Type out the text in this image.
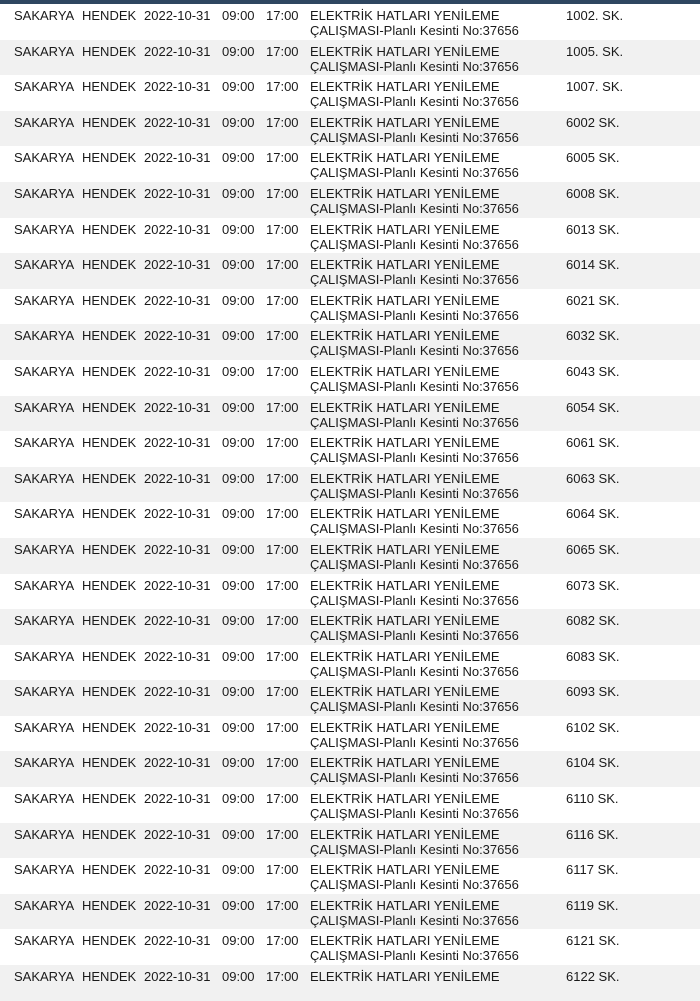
SAKARYA HENDEK 2022-10-31 09:00 17:00 ELEKTRİK HATLARI YENİLEME
ÇALIŞMASI-Planlı Kesinti No:37656
1002. SK.
SAKARYA HENDEK 2022-10-31 09:00 17:00 ELEKTRİK HATLARI YENİLEME
ÇALIŞMASI-Planlı Kesinti No:37656
1005. SK.
SAKARYA HENDEK 2022-10-31 09:00 17:00 ELEKTRİK HATLARI YENİLEME
ÇALIŞMASI-Planlı Kesinti No:37656
1007. SK.
SAKARYA HENDEK 2022-10-31 09:00 17:00 ELEKTRİK HATLARI YENİLEME
ÇALIŞMASI-Planlı Kesinti No:37656
6002 SK.
SAKARYA HENDEK 2022-10-31 09:00 17:00 ELEKTRİK HATLARI YENİLEME
ÇALIŞMASI-Planlı Kesinti No:37656
6005 SK.
SAKARYA HENDEK 2022-10-31 09:00 17:00 ELEKTRİK HATLARI YENİLEME
ÇALIŞMASI-Planlı Kesinti No:37656
6008 SK.
SAKARYA HENDEK 2022-10-31 09:00 17:00 ELEKTRİK HATLARI YENİLEME
ÇALIŞMASI-Planlı Kesinti No:37656
6013 SK.
SAKARYA HENDEK 2022-10-31 09:00 17:00 ELEKTRİK HATLARI YENİLEME
ÇALIŞMASI-Planlı Kesinti No:37656
6014 SK.
SAKARYA HENDEK 2022-10-31 09:00 17:00 ELEKTRİK HATLARI YENİLEME
ÇALIŞMASI-Planlı Kesinti No:37656
6021 SK.
SAKARYA HENDEK 2022-10-31 09:00 17:00 ELEKTRİK HATLARI YENİLEME
ÇALIŞMASI-Planlı Kesinti No:37656
6032 SK.
SAKARYA HENDEK 2022-10-31 09:00 17:00 ELEKTRİK HATLARI YENİLEME
ÇALIŞMASI-Planlı Kesinti No:37656
6043 SK.
SAKARYA HENDEK 2022-10-31 09:00 17:00 ELEKTRİK HATLARI YENİLEME
ÇALIŞMASI-Planlı Kesinti No:37656
6054 SK.
SAKARYA HENDEK 2022-10-31 09:00 17:00 ELEKTRİK HATLARI YENİLEME
ÇALIŞMASI-Planlı Kesinti No:37656
6061 SK.
SAKARYA HENDEK 2022-10-31 09:00 17:00 ELEKTRİK HATLARI YENİLEME
ÇALIŞMASI-Planlı Kesinti No:37656
6063 SK.
SAKARYA HENDEK 2022-10-31 09:00 17:00 ELEKTRİK HATLARI YENİLEME
ÇALIŞMASI-Planlı Kesinti No:37656
6064 SK.
SAKARYA HENDEK 2022-10-31 09:00 17:00 ELEKTRİK HATLARI YENİLEME
ÇALIŞMASI-Planlı Kesinti No:37656
6065 SK.
SAKARYA HENDEK 2022-10-31 09:00 17:00 ELEKTRİK HATLARI YENİLEME
ÇALIŞMASI-Planlı Kesinti No:37656
6073 SK.
SAKARYA HENDEK 2022-10-31 09:00 17:00 ELEKTRİK HATLARI YENİLEME
ÇALIŞMASI-Planlı Kesinti No:37656
6082 SK.
SAKARYA HENDEK 2022-10-31 09:00 17:00 ELEKTRİK HATLARI YENİLEME
ÇALIŞMASI-Planlı Kesinti No:37656
6083 SK.
SAKARYA HENDEK 2022-10-31 09:00 17:00 ELEKTRİK HATLARI YENİLEME
ÇALIŞMASI-Planlı Kesinti No:37656
6093 SK.
SAKARYA HENDEK 2022-10-31 09:00 17:00 ELEKTRİK HATLARI YENİLEME
ÇALIŞMASI-Planlı Kesinti No:37656
6102 SK.
SAKARYA HENDEK 2022-10-31 09:00 17:00 ELEKTRİK HATLARI YENİLEME
ÇALIŞMASI-Planlı Kesinti No:37656
6104 SK.
SAKARYA HENDEK 2022-10-31 09:00 17:00 ELEKTRİK HATLARI YENİLEME
ÇALIŞMASI-Planlı Kesinti No:37656
6110 SK.
SAKARYA HENDEK 2022-10-31 09:00 17:00 ELEKTRİK HATLARI YENİLEME
ÇALIŞMASI-Planlı Kesinti No:37656
6116 SK.
SAKARYA HENDEK 2022-10-31 09:00 17:00 ELEKTRİK HATLARI YENİLEME
ÇALIŞMASI-Planlı Kesinti No:37656
6117 SK.
SAKARYA HENDEK 2022-10-31 09:00 17:00 ELEKTRİK HATLARI YENİLEME
ÇALIŞMASI-Planlı Kesinti No:37656
6119 SK.
SAKARYA HENDEK 2022-10-31 09:00 17:00 ELEKTRİK HATLARI YENİLEME
ÇALIŞMASI-Planlı Kesinti No:37656
6121 SK.
SAKARYA HENDEK 2022-10-31 09:00 17:00 ELEKTRİK HATLARI YENİLEME	6122 SK.
